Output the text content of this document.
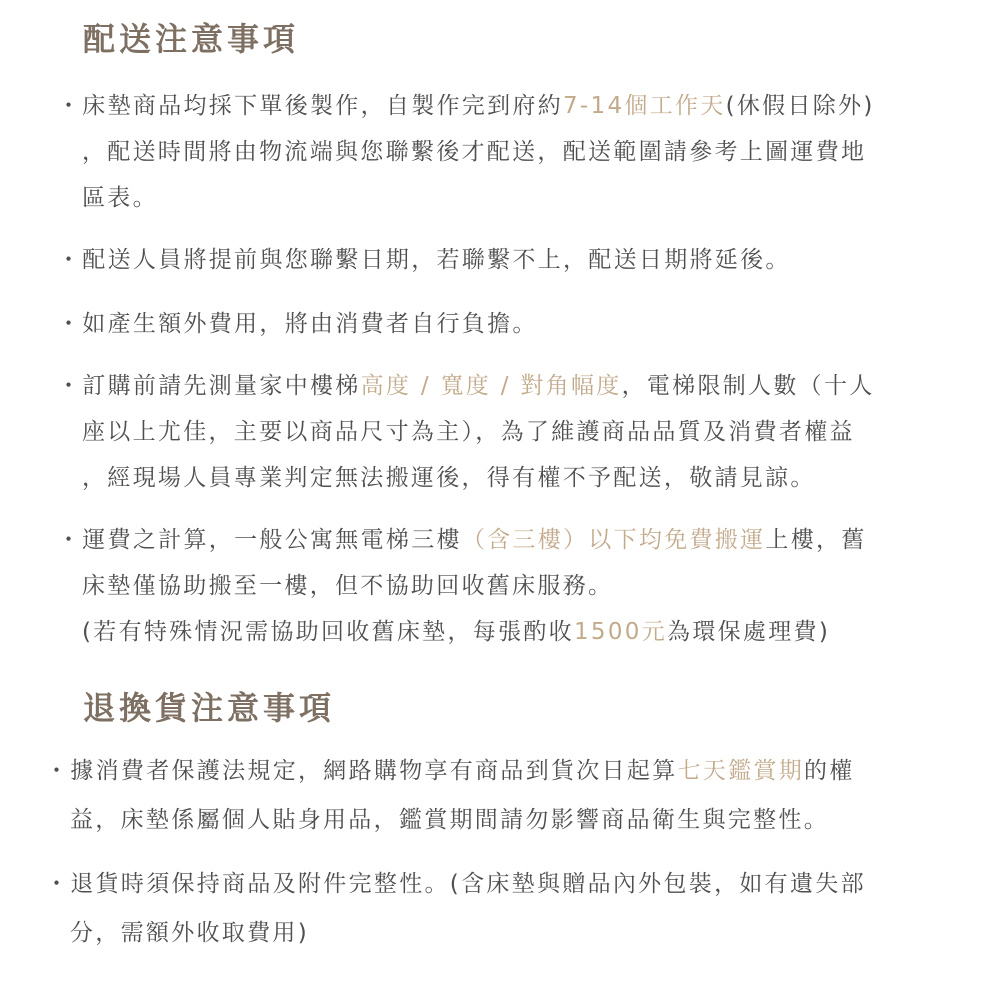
配送注意事項
・床墊商品均採下單後製作，自製作完到府約7-14個工作天(休假日除外)
，配送時間將由物流端與您聯繫後才配送，配送範圍請參考上圖運費地
區表。
・配送人員將提前與您聯繫日期，若聯繫不上，配送日期將延後。
・如產生額外費用，將由消費者自行負擔。
・訂購前請先測量家中樓梯高度 / 寬度 / 對角幅度，電梯限制人數（十人
座以上尤佳，主要以商品尺寸為主），為了維護商品品質及消費者權益
，經現場人員專業判定無法搬運後，得有權不予配送，敬請見諒。
・運費之計算，一般公寓無電梯三樓（含三樓）以下均免費搬運上樓，舊
床墊僅協助搬至一樓，但不協助回收舊床服務。
(若有特殊情況需協助回收舊床墊，每張酌收1500元為環保處理費)
退換貨注意事項
・據消費者保護法規定，網路購物享有商品到貨次日起算七天鑑賞期的權
益，床墊係屬個人貼身用品，鑑賞期間請勿影響商品衛生與完整性。
・退貨時須保持商品及附件完整性。(含床墊與贈品內外包裝，如有遺失部
分，需額外收取費用)
